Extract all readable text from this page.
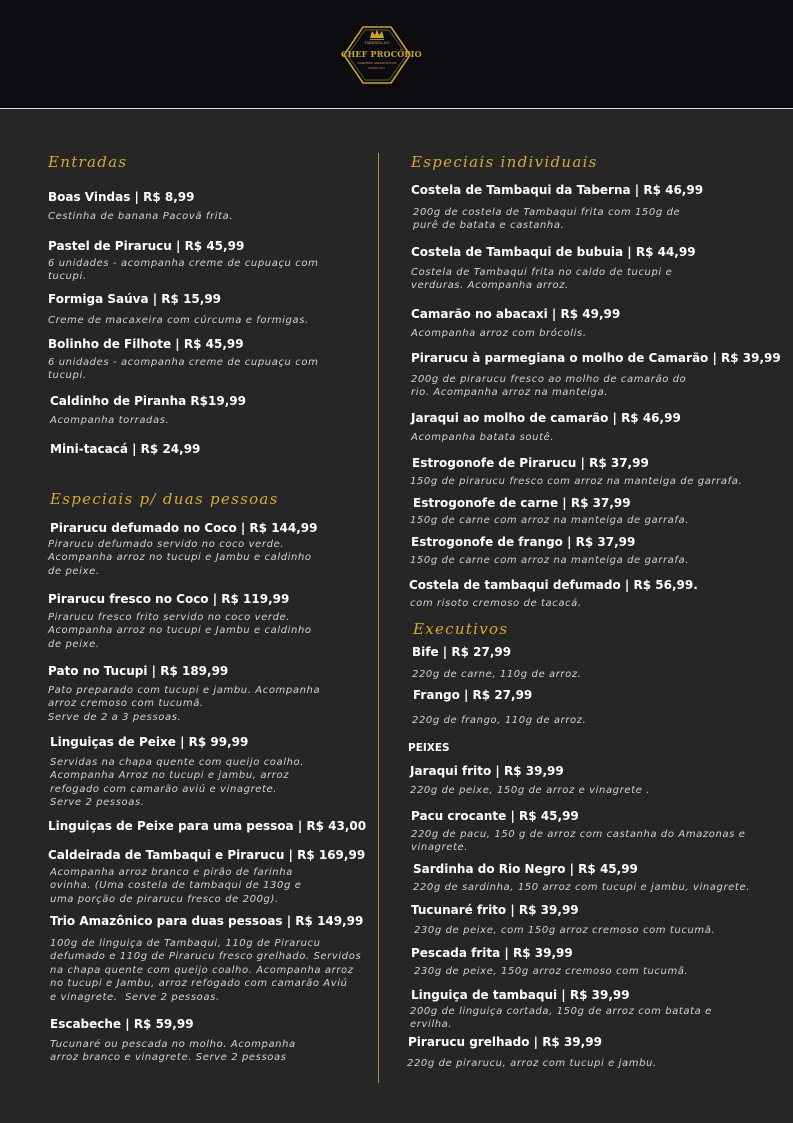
TABERNA DO
CHEF PROCÓPIO
SABORES AMAZÔNICOS
DESDE 2011
Entradas
Boas Vindas | R$ 8,99
Cestinha de banana Pacovã frita.
Pastel de Pirarucu | R$ 45,99
6 unidades - acompanha creme de cupuaçu com
tucupi.
Formiga Saúva | R$ 15,99
Creme de macaxeira com cúrcuma e formigas.
Bolinho de Filhote | R$ 45,99
6 unidades - acompanha creme de cupuaçu com
tucupi.
Caldinho de Piranha R$19,99
Acompanha torradas.
Mini-tacacá | R$ 24,99
Especiais p/ duas pessoas
Pirarucu defumado no Coco | R$ 144,99
Pirarucu defumado servido no coco verde.
Acompanha arroz no tucupi e Jambu e caldinho
de peixe.
Pirarucu fresco no Coco | R$ 119,99
Pirarucu fresco frito servido no coco verde.
Acompanha arroz no tucupi e Jambu e caldinho
de peixe.
Pato no Tucupi | R$ 189,99
Pato preparado com tucupi e jambu. Acompanha
arroz cremoso com tucumã.
Serve de 2 a 3 pessoas.
Linguiças de Peixe | R$ 99,99
Servidas na chapa quente com queijo coalho.
Acompanha Arroz no tucupi e jambu, arroz
refogado com camarão aviú e vinagrete.
Serve 2 pessoas.
Linguiças de Peixe para uma pessoa | R$ 43,00
Caldeirada de Tambaqui e Pirarucu | R$ 169,99
Acompanha arroz branco e pirão de farinha
ovinha. (Uma costela de tambaqui de 130g e
uma porção de pirarucu fresco de 200g).
Trio Amazônico para duas pessoas | R$ 149,99
100g de linguiça de Tambaqui, 110g de Pirarucu
defumado e 110g de Pirarucu fresco grelhado. Servidos
na chapa quente com queijo coalho. Acompanha arroz
no tucupi e Jambu, arroz refogado com camarão Aviú
e vinagrete.  Serve 2 pessoas.
Escabeche | R$ 59,99
Tucunaré ou pescada no molho. Acompanha
arroz branco e vinagrete. Serve 2 pessoas
Especiais individuais
Costela de Tambaqui da Taberna | R$ 46,99
200g de costela de Tambaqui frita com 150g de
purê de batata e castanha.
Costela de Tambaqui de bubuia | R$ 44,99
Costela de Tambaqui frita no caldo de tucupi e
verduras. Acompanha arroz.
Camarão no abacaxi | R$ 49,99
Acompanha arroz com brócolis.
Pirarucu à parmegiana o molho de Camarão | R$ 39,99
200g de pirarucu fresco ao molho de camarão do
rio. Acompanha arroz na manteiga.
Jaraqui ao molho de camarão | R$ 46,99
Acompanha batata soutê.
Estrogonofe de Pirarucu | R$ 37,99
150g de pirarucu fresco com arroz na manteiga de garrafa.
Estrogonofe de carne | R$ 37,99
150g de carne com arroz na manteiga de garrafa.
Estrogonofe de frango | R$ 37,99
150g de carne com arroz na manteiga de garrafa.
Costela de tambaqui defumado | R$ 56,99.
com risoto cremoso de tacacá.
Executivos
Bife | R$ 27,99
220g de carne, 110g de arroz.
Frango | R$ 27,99
220g de frango, 110g de arroz.
PEIXES
Jaraqui frito | R$ 39,99
220g de peixe, 150g de arroz e vinagrete .
Pacu crocante | R$ 45,99
220g de pacu, 150 g de arroz com castanha do Amazonas e
vinagrete.
Sardinha do Rio Negro | R$ 45,99
220g de sardinha, 150 arroz com tucupi e jambu, vinagrete.
Tucunaré frito | R$ 39,99
230g de peixe, com 150g arroz cremoso com tucumã.
Pescada frita | R$ 39,99
230g de peixe, 150g arroz cremoso com tucumã.
Linguiça de tambaqui | R$ 39,99
200g de linguiça cortada, 150g de arroz com batata e
ervilha.
Pirarucu grelhado | R$ 39,99
220g de pirarucu, arroz com tucupi e jambu.
